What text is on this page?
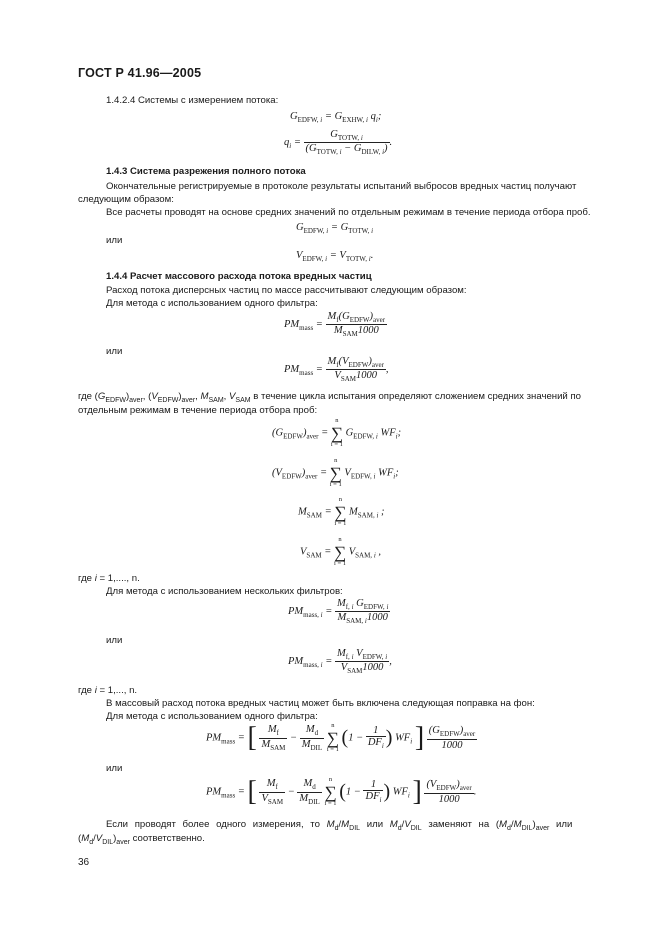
ГОСТ Р 41.96—2005
1.4.2.4 Системы с измерением потока:
$G_{EDFW, i} = G_{EXHW, i}$ $q_i$;
$q_i = \frac{G_{TOTW, i}}{(G_{TOTW, i} - G_{DILW, i})}$ .
1.4.3 Система разрежения полного потока
Окончательные регистрируемые в протоколе результаты испытаний выбросов вредных частиц получают
следующим образом:
Все расчеты проводят на основе средних значений по отдельным режимам в течение периода отбора проб.
$G_{EDFW, i} = G_{TOTW, i}$
или
$V_{EDFW, i} = V_{TOTW, i}$.
1.4.4 Расчет массового расхода потока вредных частиц
Расход потока дисперсных частиц по массе рассчитывают следующим образом:
Для метода с использованием одного фильтра:
$PM_{mass} = \frac{M_f(G_{EDFW})_{aver}}{M_{SAM}1000}$
или
$PM_{mass} = \frac{M_f(V_{EDFW})_{aver}}{V_{SAM}1000}$ ,
где $(G_{EDFW})_{aver}$, $(V_{EDFW})_{aver}$, $M_{SAM}$, $V_{SAM}$ в течение цикла испытания определяют сложением средних значений по
отдельным режимам в течение периода отбора проб:
$(G_{EDFW})_{aver}$ =
n
∑
i = 1
$G_{EDFW, i}$ $WF_i$;
$(V_{EDFW})_{aver}$ =
n
∑
i = 1
$V_{EDFW, i}$ $WF_i$;
$M_{SAM}$ =
n
∑
i = 1
$M_{SAM, i}$ ;
$V_{SAM}$ =
n
∑
i = 1
$V_{SAM, i}$ ,
где i = 1,...., n.
Для метода с использованием нескольких фильтров:
$PM_{mass, i} = \frac{M_{f, i} G_{EDFW, i}}{M_{SAM, i}1000}$
или
$PM_{mass, i} = \frac{M_{f, i} V_{EDFW, i}}{V_{SAM}1000}$ ,
где i = 1,..., n.
В массовый расход потока вредных частиц может быть включена следующая поправка на фон:
Для метода с использованием одного фильтра:
$PM_{mass}$ = [ $\frac{M_f}{M_{SAM}} - \frac{M_d}{M_{DIL}}$
	n
∑
i = 1
($1 - \frac{1}{DF_i}$ ) $WF_i$ ] $\frac{(G_{EDFW})_{aver}}{1000}$
или
$PM_{mass}$ = [ $\frac{M_f}{V_{SAM}} - \frac{M_d}{M_{DIL}}$
	n
∑
i = 1
($1 - \frac{1}{DF_i}$ ) $WF_i$ ] $\frac{(V_{EDFW})_{aver}}{1000}$ .
Если проводят более одного измерения, то $M_d/M_{DIL}$ или $M_d/V_{DIL}$ заменяют на $(M_d/M_{DIL})_{aver}$ или
$(M_d/V_{DIL})_{aver}$ соответственно.
36
